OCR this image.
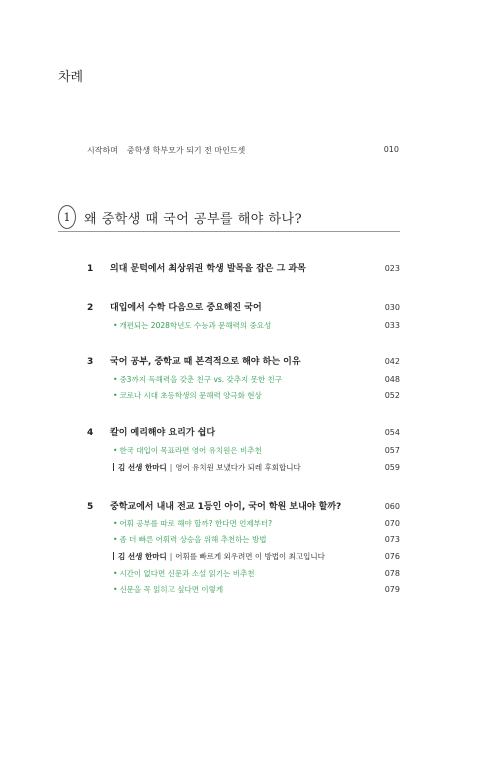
차례
시작하며 중학생 학부모가 되기 전 마인드셋	010
1	왜 중학생 때 국어 공부를 해야 하나?
1	의대 문턱에서 최상위권 학생 발목을 잡은 그 과목	023
2	대입에서 수학 다음으로 중요해진 국어	030
• 개편되는 2028학년도 수능과 문해력의 중요성	033
3	국어 공부, 중학교 때 본격적으로 해야 하는 이유	042
• 중3까지 독해력을 갖춘 친구 vs. 갖추지 못한 친구	048
• 코로나 시대 초등학생의 문해력 양극화 현상	052
4	칼이 예리해야 요리가 쉽다	054
• 한국 대입이 목표라면 영어 유치원은 비추천	057
김 선생 한마디 | 영어 유치원 보냈다가 되레 후회합니다	059
5	중학교에서 내내 전교 1등인 아이, 국어 학원 보내야 할까?	060
• 어휘 공부를 따로 해야 할까? 한다면 언제부터?	070
• 좀 더 빠른 어휘력 상승을 위해 추천하는 방법	073
김 선생 한마디 | 어휘를 빠르게 외우려면 이 방법이 최고입니다	076
• 시간이 없다면 신문과 소설 읽기는 비추천	078
• 신문을 꼭 읽히고 싶다면 이렇게	079
